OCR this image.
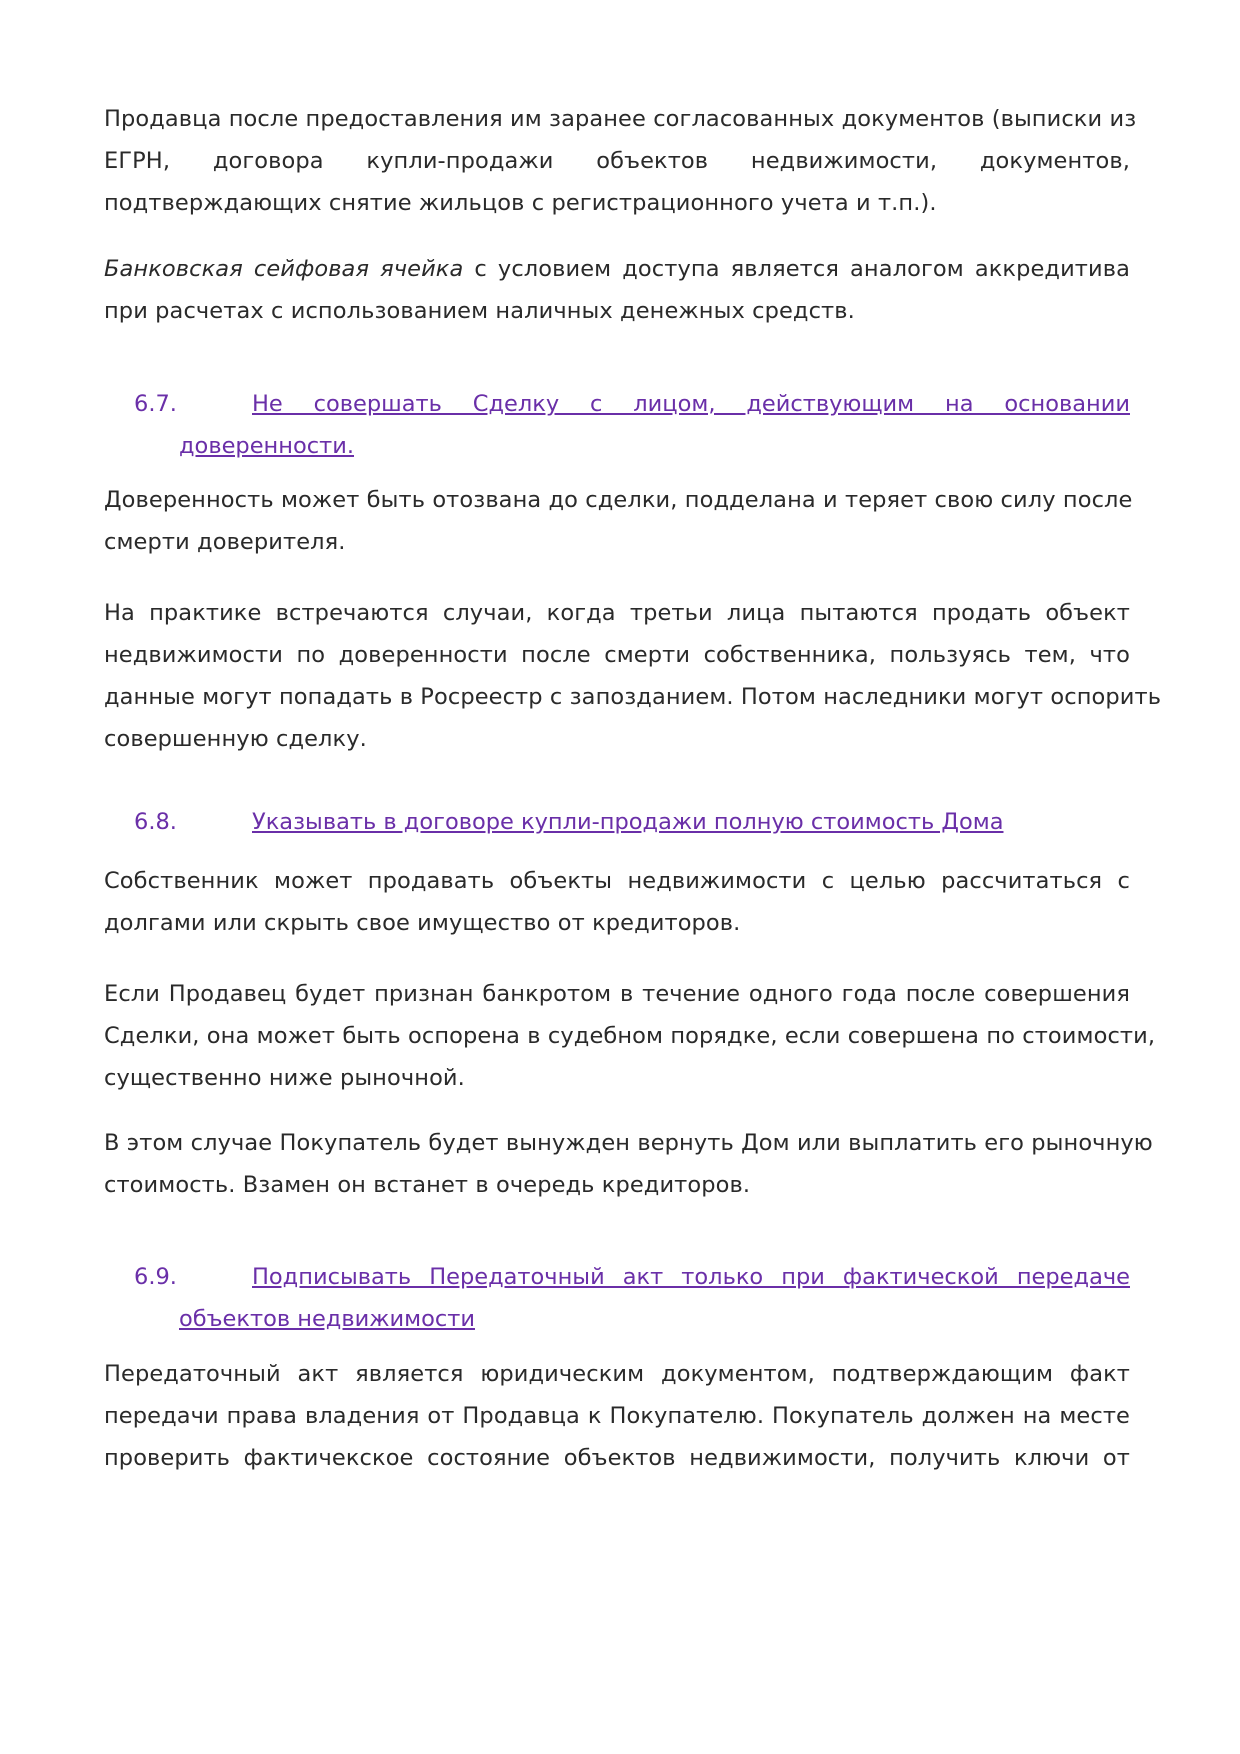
Продавца после предоставления им заранее согласованных документов (выписки из
ЕГРН, договора купли-продажи объектов недвижимости, документов,
подтверждающих снятие жильцов с регистрационного учета и т.п.).
Банковская сейфовая ячейка с условием доступа является аналогом аккредитива
при расчетах с использованием наличных денежных средств.
6.7.	Не совершать Сделку с лицом, действующим на основании
доверенности.
Доверенность может быть отозвана до сделки, подделана и теряет свою силу после
смерти доверителя.
На практике встречаются случаи, когда третьи лица пытаются продать объект
недвижимости по доверенности после смерти собственника, пользуясь тем, что
данные могут попадать в Росреестр с запозданием. Потом наследники могут оспорить
совершенную сделку.
6.8.	Указывать в договоре купли-продажи полную стоимость Дома
Собственник может продавать объекты недвижимости с целью рассчитаться с
долгами или скрыть свое имущество от кредиторов.
Если Продавец будет признан банкротом в течение одного года после совершения
Сделки, она может быть оспорена в судебном порядке, если совершена по стоимости,
существенно ниже рыночной.
В этом случае Покупатель будет вынужден вернуть Дом или выплатить его рыночную
стоимость. Взамен он встанет в очередь кредиторов.
6.9.	Подписывать Передаточный акт только при фактической передаче
объектов недвижимости
Передаточный акт является юридическим документом, подтверждающим факт
передачи права владения от Продавца к Покупателю. Покупатель должен на месте
проверить фактичекское состояние объектов недвижимости, получить ключи от
